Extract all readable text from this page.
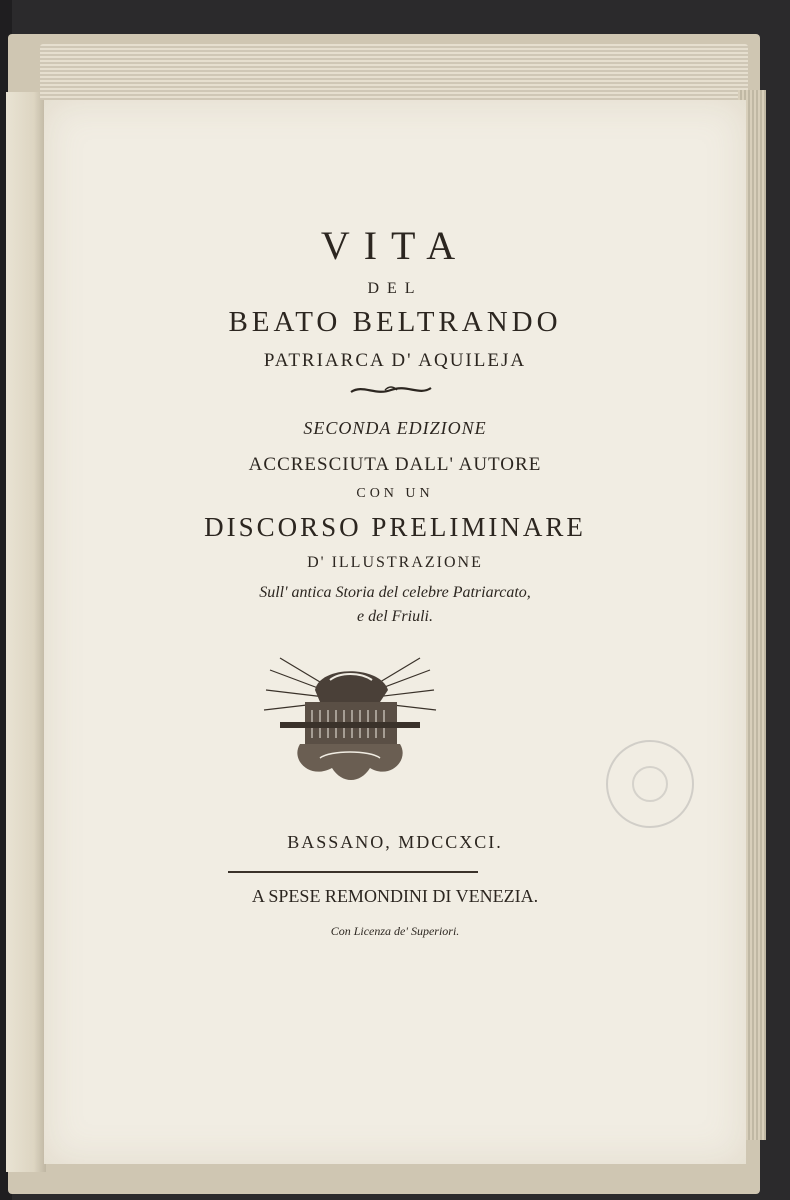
VITA
DEL
BEATO BELTRANDO
PATRIARCA D' AQUILEJA
SECONDA EDIZIONE
ACCRESCIUTA DALL' AUTORE
CON UN
DISCORSO PRELIMINARE
D' ILLUSTRAZIONE
Sull' antica Storia del celebre Patriarcato,
e del Friuli.
BASSANO, MDCCXCI.
A SPESE REMONDINI DI VENEZIA.
Con Licenza de' Superiori.
